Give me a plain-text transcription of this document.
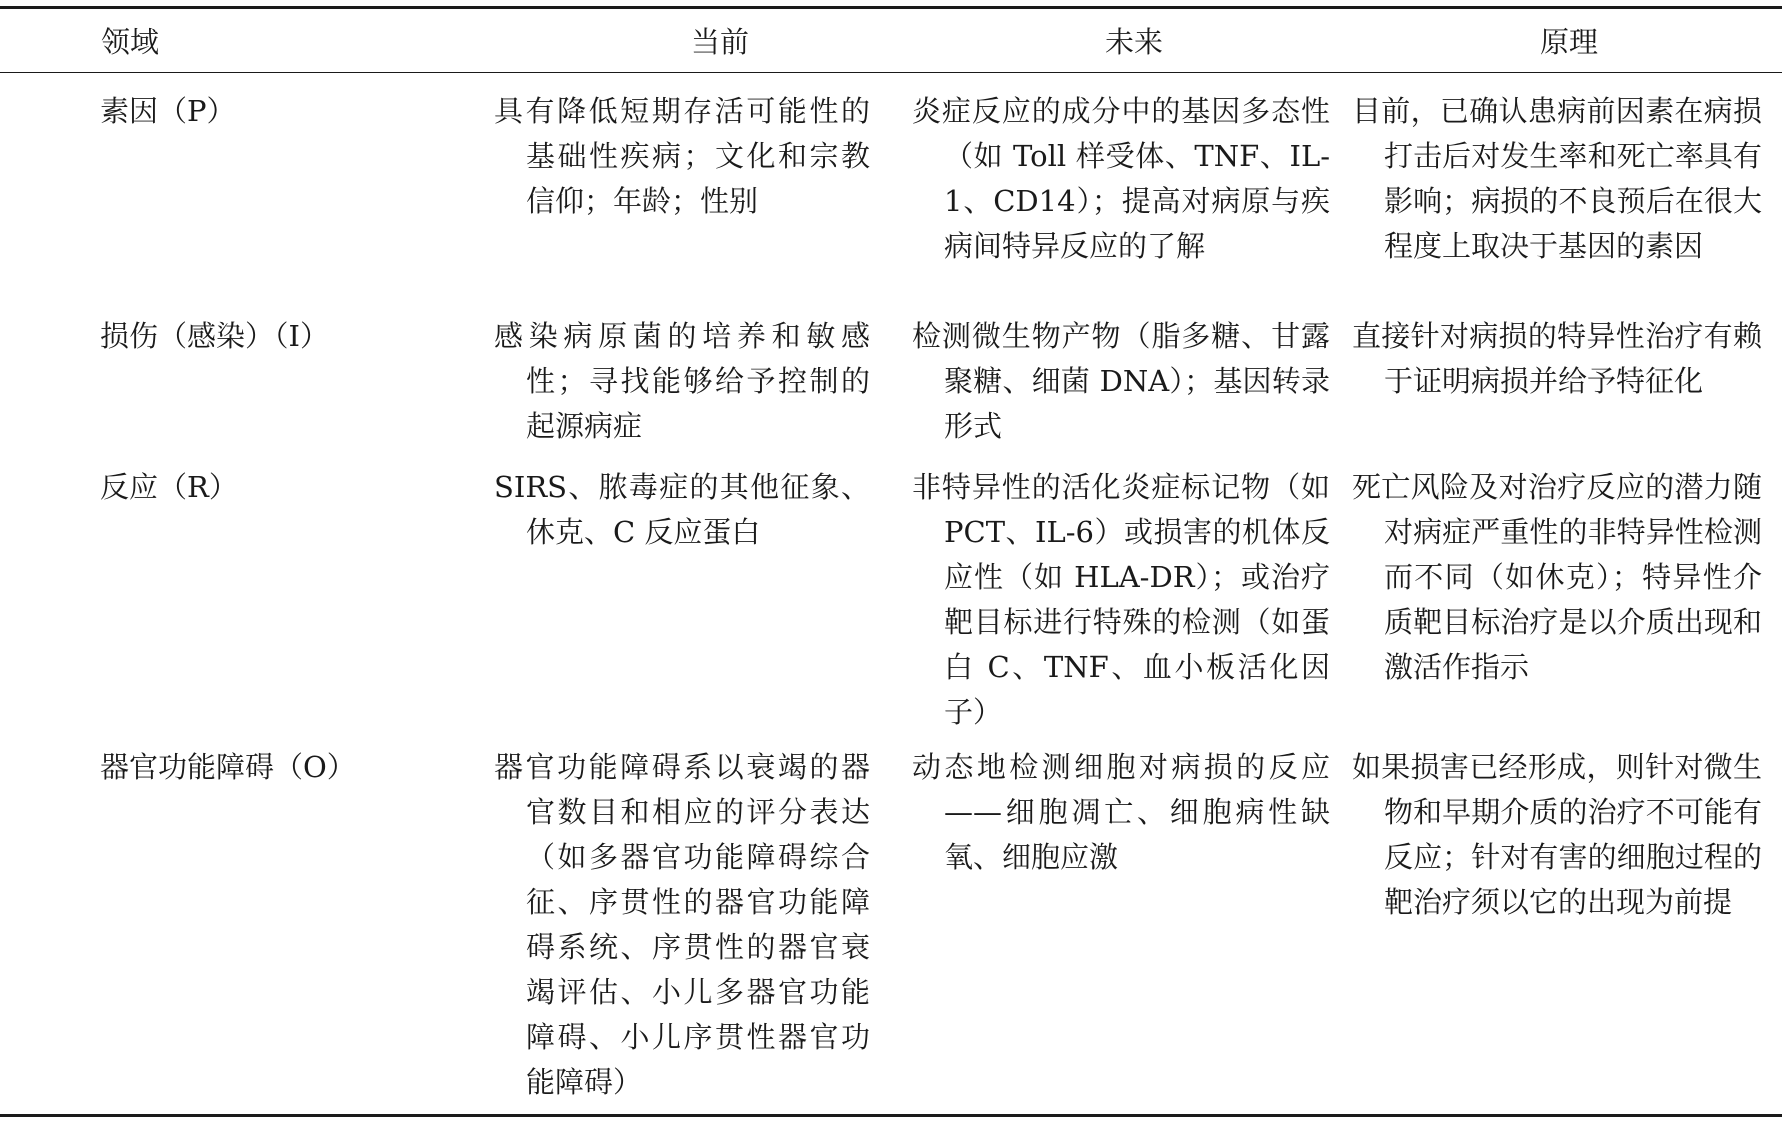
领域	当前	未来	原理
素因（P）	具有降低短期存活可能性的基础性疾病；文化和宗教信仰；年龄；性别	炎症反应的成分中的基因多态性（如 Toll 样受体、TNF、IL-1、CD14）；提高对病原与疾病间特异反应的了解	目前，已确认患病前因素在病损打击后对发生率和死亡率具有影响；病损的不良预后在很大程度上取决于基因的素因

损伤（感染）（I）	感染病原菌的培养和敏感性；寻找能够给予控制的起源病症	检测微生物产物（脂多糖、甘露聚糖、细菌 DNA）；基因转录形式	直接针对病损的特异性治疗有赖于证明病损并给予特征化

反应（R）	SIRS、脓毒症的其他征象、休克、C 反应蛋白	非特异性的活化炎症标记物（如 PCT、IL-6）或损害的机体反应性（如 HLA-DR）；或治疗靶目标进行特殊的检测（如蛋白 C、TNF、血小板活化因子）	死亡风险及对治疗反应的潜力随对病症严重性的非特异性检测而不同（如休克）；特异性介质靶目标治疗是以介质出现和激活作指示

器官功能障碍（O）	器官功能障碍系以衰竭的器官数目和相应的评分表达（如多器官功能障碍综合征、序贯性的器官功能障碍系统、序贯性的器官衰竭评估、小儿多器官功能障碍、小儿序贯性器官功能障碍）	动态地检测细胞对病损的反应——细胞凋亡、细胞病性缺氧、细胞应激	如果损害已经形成，则针对微生物和早期介质的治疗不可能有反应；针对有害的细胞过程的靶治疗须以它的出现为前提
